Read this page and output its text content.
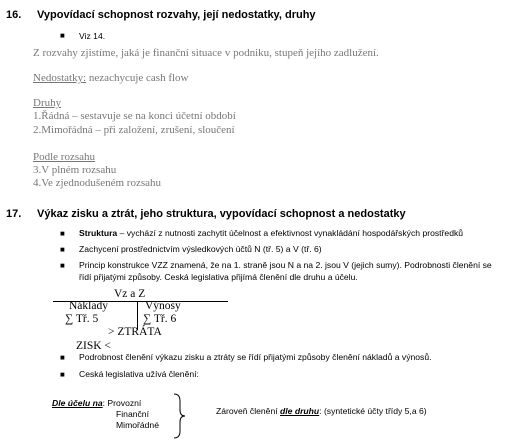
16. Vypovídací schopnost rozvahy, její nedostatky, druhy
■ Viz 14.
Z rozvahy zjistíme, jaká je finanční situace v podniku, stupeň jejího zadlužení.
Nedostatky: nezachycuje cash flow
Druhy
1.Řádná – sestavuje se na konci účetní období
2.Mimořádná – při založení, zrušení, sloučení
Podle rozsahu
3.V plném rozsahu
4.Ve zjednodušeném rozsahu
17. Výkaz zisku a ztrát, jeho struktura, vypovídací schopnost a nedostatky
■ Struktura – vychází z nutnosti zachytit účelnost a efektivnost vynakládání hospodářských prostředků
■ Zachycení prostřednictvím výsledkových účtů N (tř. 5) a V (tř. 6)
■ Princip konstrukce VZZ znamená, že na 1. straně jsou N a na 2. jsou V (jejich sumy). Podrobnosti členění se
řídí přijatými způsoby. Ceská legislativa přijímá členění dle druhu a účelu.
Vz a Z
Náklady	Výnosy
∑ Tř. 5	∑ Tř. 6
> ZTRÁTA
ZISK <
■ Podrobnost členění výkazu zisku a ztráty se řídí přijatými způsoby členění nákladů a výnosů.
■ Ceská legislativa užívá členění:
Dle účelu na: Provozní
Finanční
Mimořádné
Zároveň členění dle druhu: (syntetické účty třídy 5,a 6)
